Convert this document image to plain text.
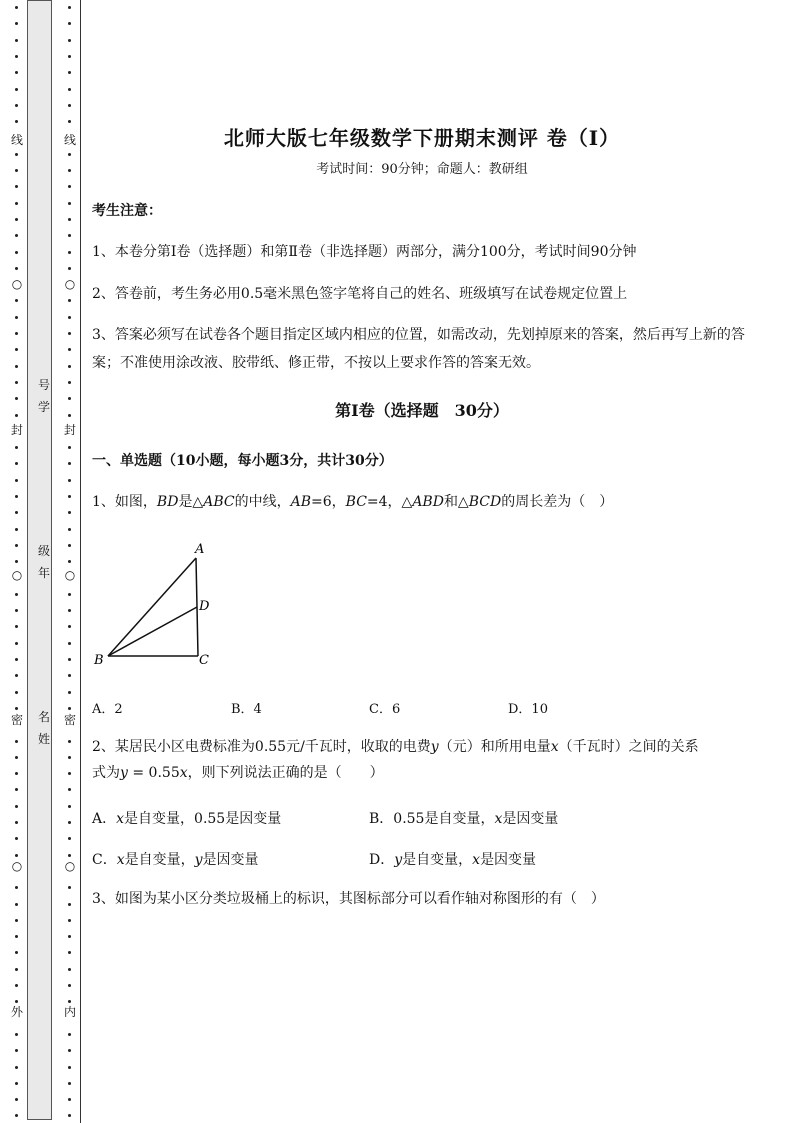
线
○
封
○
密
○
外
线
○
封
○
密
○
内
号
学
级
年
名
姓
北师大版七年级数学下册期末测评 卷（Ⅰ）
考试时间：90分钟；命题人：教研组
考生注意：
1、本卷分第I卷（选择题）和第Ⅱ卷（非选择题）两部分，满分100分，考试时间90分钟
2、答卷前，考生务必用0.5毫米黑色签字笔将自己的姓名、班级填写在试卷规定位置上
3、答案必须写在试卷各个题目指定区域内相应的位置，如需改动，先划掉原来的答案，然后再写上新的答案；不准使用涂改液、胶带纸、修正带，不按以上要求作答的答案无效。
第Ⅰ卷（选择题　30分）
一、单选题（10小题，每小题3分，共计30分）
1、如图，BD是△ABC的中线，AB=6，BC=4，△ABD和△BCD的周长差为（　）
A
D
B	C
A．2	B．4	C．6	D．10
2、某居民小区电费标准为0.55元/千瓦时，收取的电费y（元）和所用电量x（千瓦时）之间的关系
式为y = 0.55x，则下列说法正确的是（　　）
A．x是自变量，0.55是因变量	B．0.55是自变量，x是因变量
C．x是自变量，y是因变量	D．y是自变量，x是因变量
3、如图为某小区分类垃圾桶上的标识，其图标部分可以看作轴对称图形的有（　）
